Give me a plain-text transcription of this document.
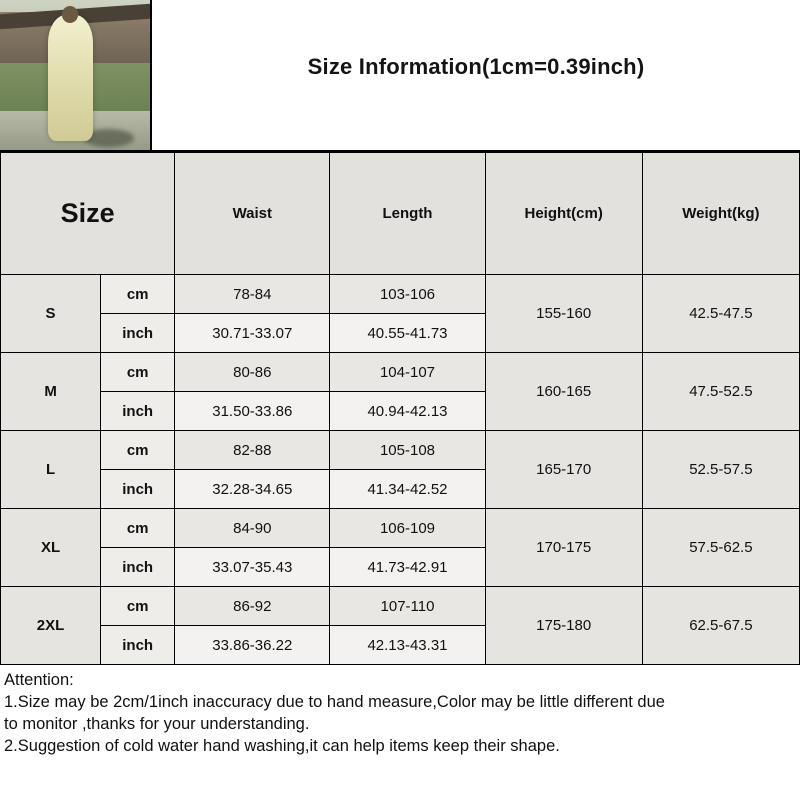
Size Information(1cm=0.39inch)
Size		Waist	Length	Height(cm)	Weight(kg)
S	cm	78-84	103-106	155-160	42.5-47.5
	inch	30.71-33.07	40.55-41.73		
M	cm	80-86	104-107	160-165	47.5-52.5
	inch	31.50-33.86	40.94-42.13		
L	cm	82-88	105-108	165-170	52.5-57.5
	inch	32.28-34.65	41.34-42.52		
XL	cm	84-90	106-109	170-175	57.5-62.5
	inch	33.07-35.43	41.73-42.91		
2XL	cm	86-92	107-110	175-180	62.5-67.5
	inch	33.86-36.22	42.13-43.31		
Attention:
1.Size may be 2cm/1inch inaccuracy due to hand measure,Color may be little different due
to monitor ,thanks for your understanding.
2.Suggestion of cold water hand washing,it can help items keep their shape.
